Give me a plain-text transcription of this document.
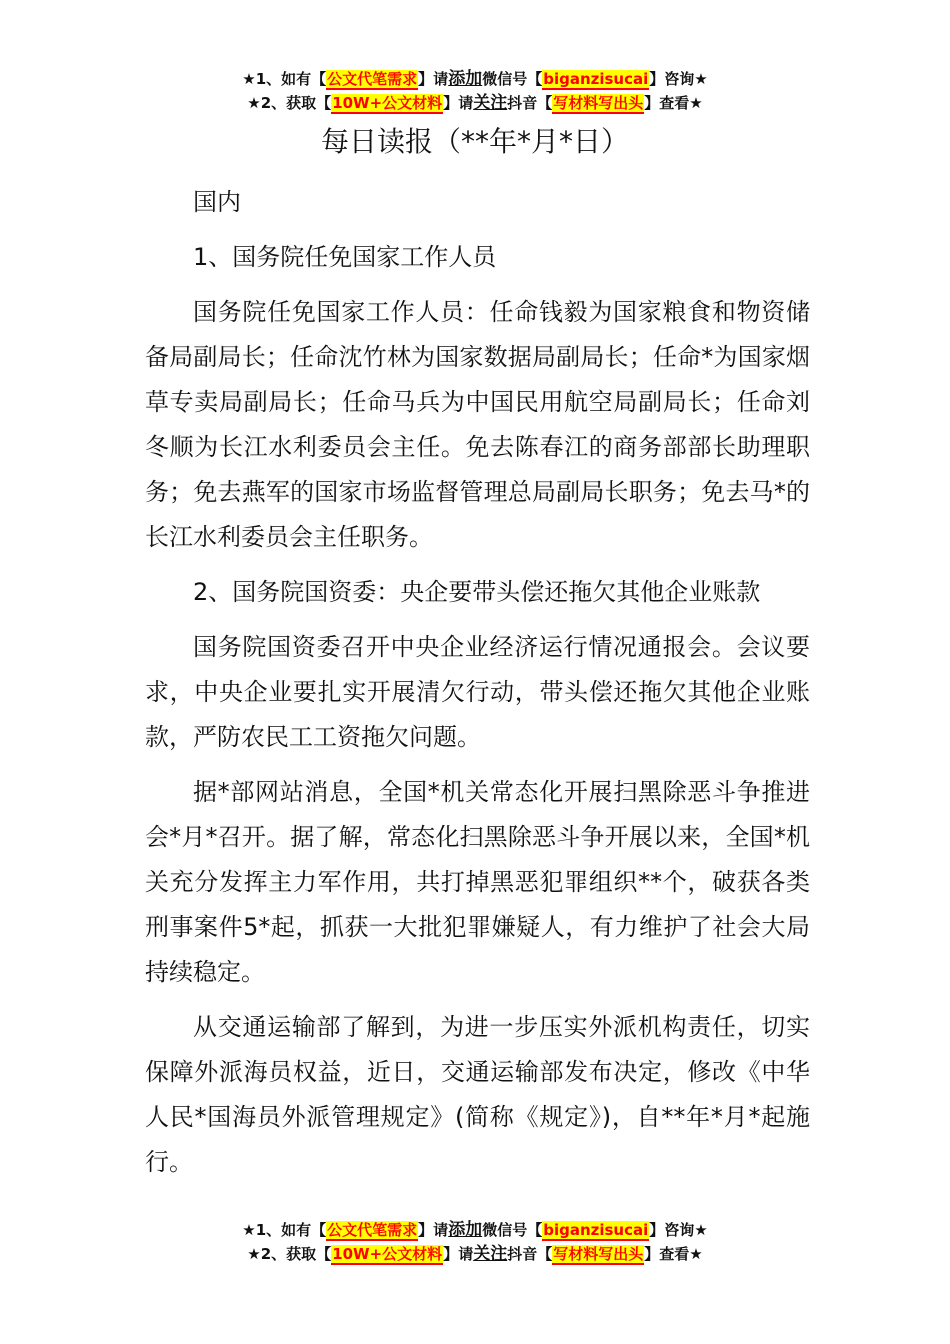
★1、如有【公文代笔需求】请添加微信号【biganzisucai】咨询★
★2、获取【10W+公文材料】请关注抖音【写材料写出头】查看★
每日读报（**年*月*日）

国内

1、国务院任免国家工作人员

国务院任免国家工作人员：任命钱毅为国家粮食和物资储备局副局长；任命沈竹林为国家数据局副局长；任命*为国家烟草专卖局副局长；任命马兵为中国民用航空局副局长；任命刘冬顺为长江水利委员会主任。免去陈春江的商务部部长助理职务；免去燕军的国家市场监督管理总局副局长职务；免去马*的长江水利委员会主任职务。

2、国务院国资委：央企要带头偿还拖欠其他企业账款

国务院国资委召开中央企业经济运行情况通报会。会议要求，中央企业要扎实开展清欠行动，带头偿还拖欠其他企业账款，严防农民工工资拖欠问题。

据*部网站消息，全国*机关常态化开展扫黑除恶斗争推进会*月*召开。据了解，常态化扫黑除恶斗争开展以来，全国*机关充分发挥主力军作用，共打掉黑恶犯罪组织**个，破获各类刑事案件5*起，抓获一大批犯罪嫌疑人，有力维护了社会大局持续稳定。

从交通运输部了解到，为进一步压实外派机构责任，切实保障外派海员权益，近日，交通运输部发布决定，修改《中华人民*国海员外派管理规定》(简称《规定》)，自**年*月*起施行。

★1、如有【公文代笔需求】请添加微信号【biganzisucai】咨询★
★2、获取【10W+公文材料】请关注抖音【写材料写出头】查看★
